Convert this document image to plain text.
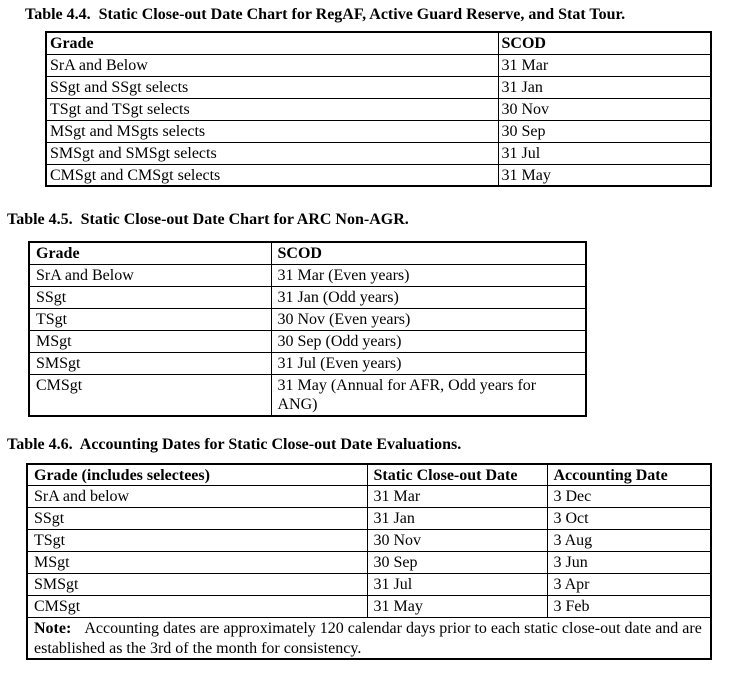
Table 4.4.  Static Close-out Date Chart for RegAF, Active Guard Reserve, and Stat Tour.

Grade	SCOD
SrA and Below	31 Mar
SSgt and SSgt selects	31 Jan
TSgt and TSgt selects	30 Nov
MSgt and MSgts selects	30 Sep
SMSgt and SMSgt selects	31 Jul
CMSgt and CMSgt selects	31 May

Table 4.5.  Static Close-out Date Chart for ARC Non-AGR.

Grade	SCOD
SrA and Below	31 Mar (Even years)
SSgt	31 Jan (Odd years)
TSgt	30 Nov (Even years)
MSgt	30 Sep (Odd years)
SMSgt	31 Jul (Even years)
CMSgt	31 May (Annual for AFR, Odd years for ANG)

Table 4.6.  Accounting Dates for Static Close-out Date Evaluations.

Grade (includes selectees)	Static Close-out Date	Accounting Date
SrA and below	31 Mar	3 Dec
SSgt	31 Jan	3 Oct
TSgt	30 Nov	3 Aug
MSgt	30 Sep	3 Jun
SMSgt	31 Jul	3 Apr
CMSgt	31 May	3 Feb
Note: Accounting dates are approximately 120 calendar days prior to each static close-out date and are established as the 3rd of the month for consistency.		
